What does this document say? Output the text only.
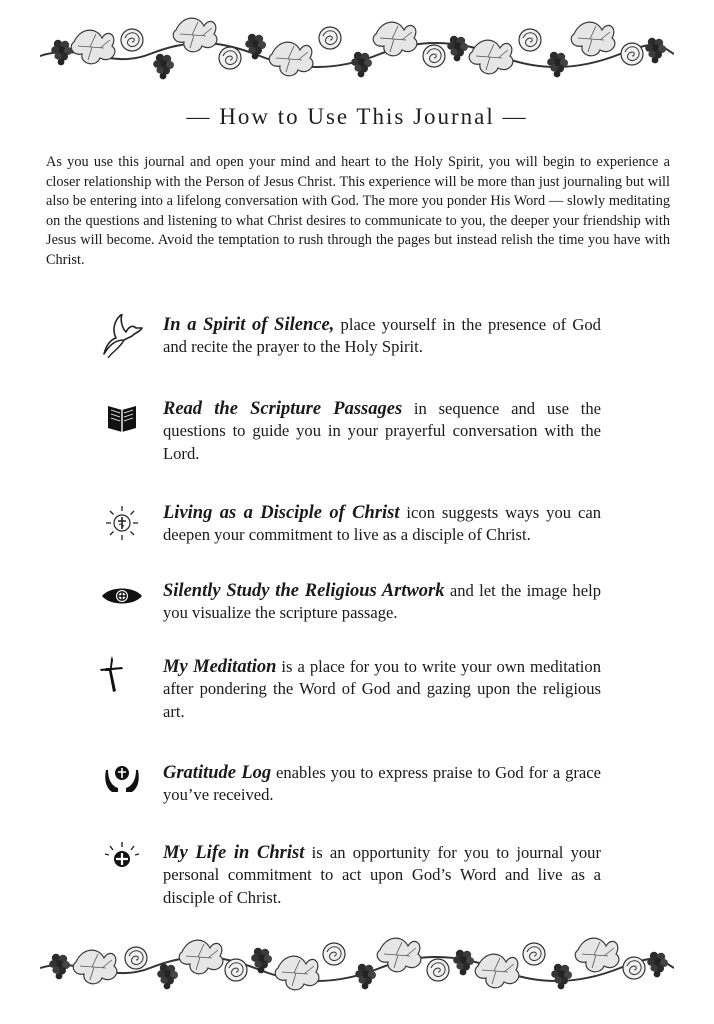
— How to Use This Journal —

As you use this journal and open your mind and heart to the Holy Spirit, you will begin to experience a closer relationship with the Person of Jesus Christ. This experience will be more than just journaling but will also be entering into a lifelong conversation with God. The more you ponder His Word — slowly meditating on the questions and listening to what Christ desires to communicate to you, the deeper your friendship with Jesus will become. Avoid the temptation to rush through the pages but instead relish the time you have with Christ.

In a Spirit of Silence, place yourself in the presence of God and recite the prayer to the Holy Spirit.

Read the Scripture Passages in sequence and use the questions to guide you in your prayerful conversation with the Lord.

Living as a Disciple of Christ icon suggests ways you can deepen your commitment to live as a disciple of Christ.

Silently Study the Religious Artwork and let the image help you visualize the scripture passage.

My Meditation is a place for you to write your own meditation after pondering the Word of God and gazing upon the religious art.

Gratitude Log enables you to express praise to God for a grace you’ve received.

My Life in Christ is an opportunity for you to journal your personal commitment to act upon God’s Word and live as a disciple of Christ.
